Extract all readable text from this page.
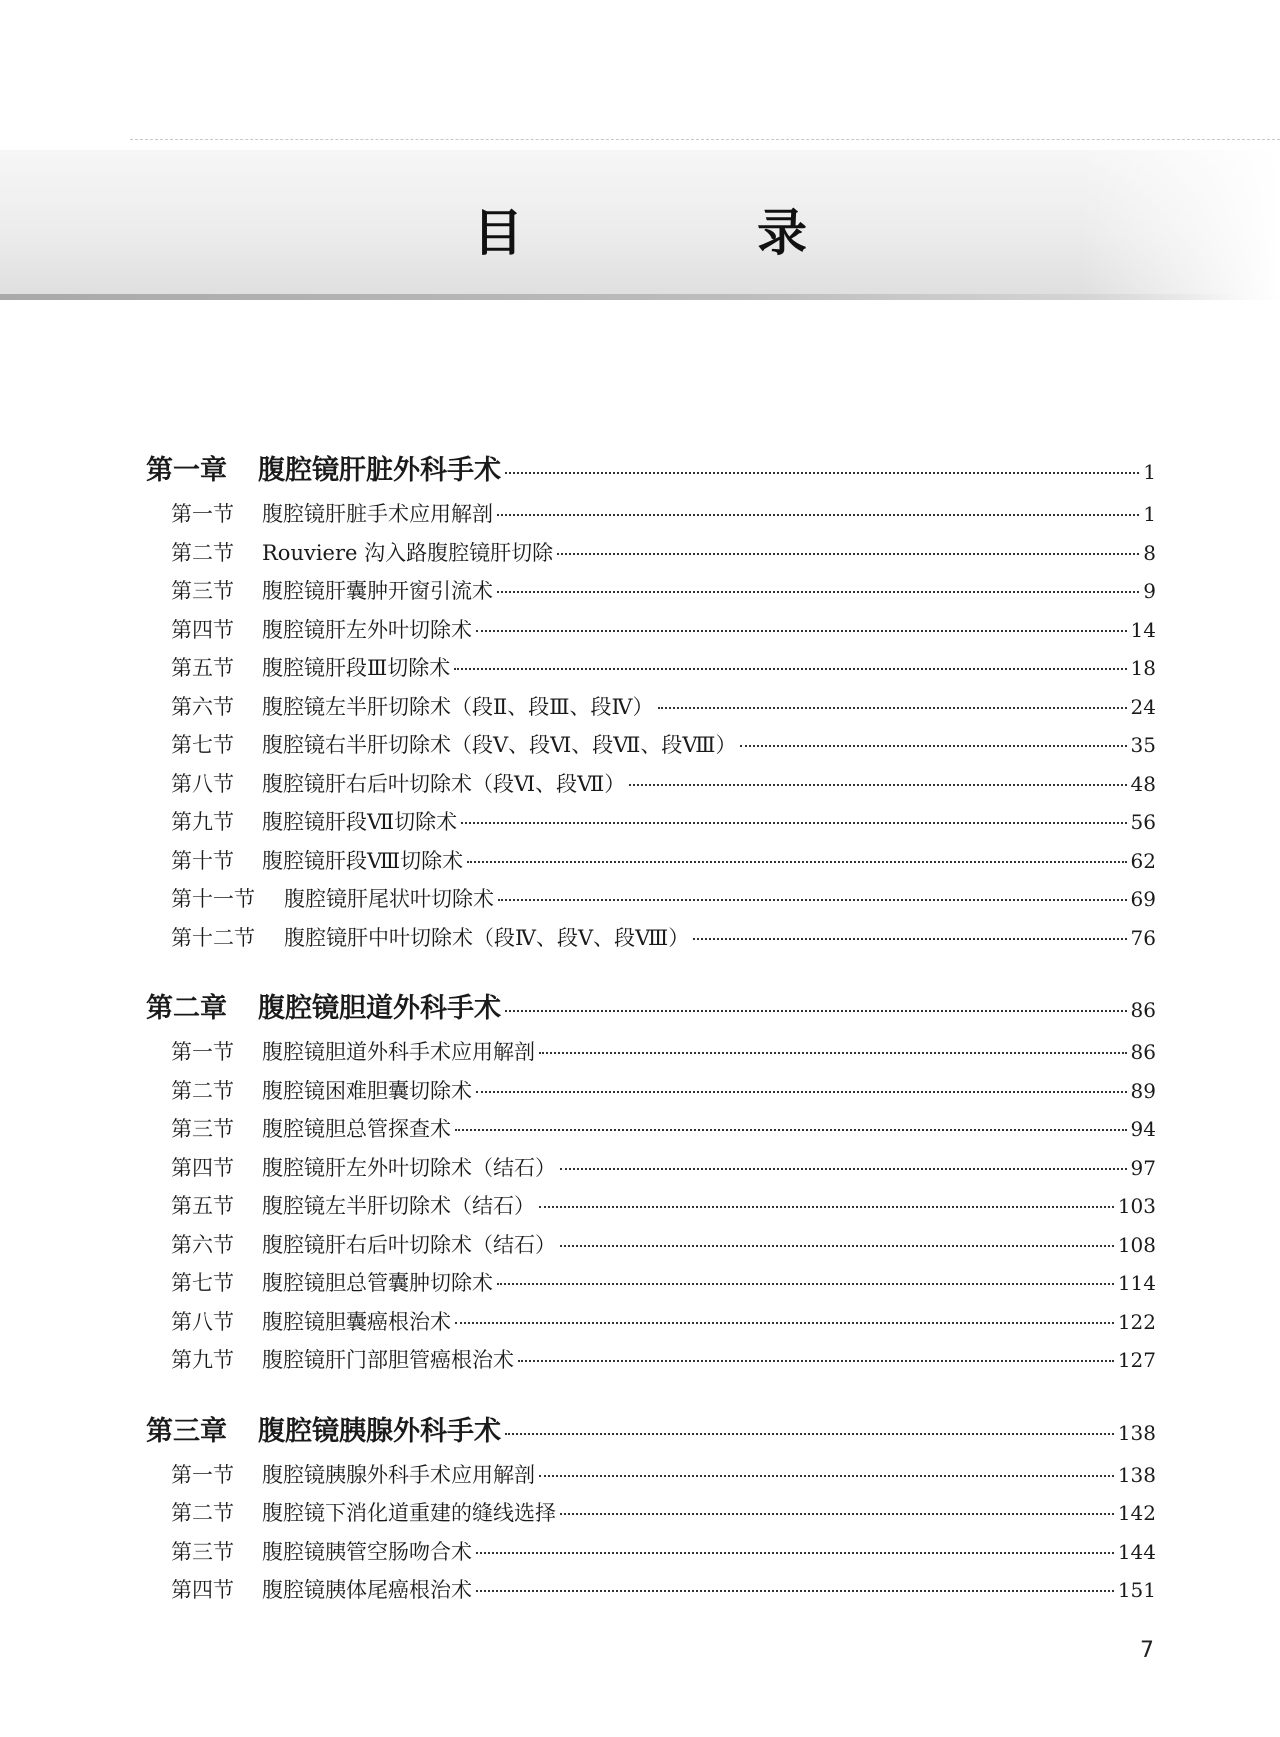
目　录
第一章	腹腔镜肝脏外科手术	1
第一节	腹腔镜肝脏手术应用解剖	1
第二节	Rouviere 沟入路腹腔镜肝切除	8
第三节	腹腔镜肝囊肿开窗引流术	9
第四节	腹腔镜肝左外叶切除术	14
第五节	腹腔镜肝段Ⅲ切除术	18
第六节	腹腔镜左半肝切除术（段Ⅱ、段Ⅲ、段Ⅳ）	24
第七节	腹腔镜右半肝切除术（段Ⅴ、段Ⅵ、段Ⅶ、段Ⅷ）	35
第八节	腹腔镜肝右后叶切除术（段Ⅵ、段Ⅶ）	48
第九节	腹腔镜肝段Ⅶ切除术	56
第十节	腹腔镜肝段Ⅷ切除术	62
第十一节	腹腔镜肝尾状叶切除术	69
第十二节	腹腔镜肝中叶切除术（段Ⅳ、段Ⅴ、段Ⅷ）	76
第二章	腹腔镜胆道外科手术	86
第一节	腹腔镜胆道外科手术应用解剖	86
第二节	腹腔镜困难胆囊切除术	89
第三节	腹腔镜胆总管探查术	94
第四节	腹腔镜肝左外叶切除术（结石）	97
第五节	腹腔镜左半肝切除术（结石）	103
第六节	腹腔镜肝右后叶切除术（结石）	108
第七节	腹腔镜胆总管囊肿切除术	114
第八节	腹腔镜胆囊癌根治术	122
第九节	腹腔镜肝门部胆管癌根治术	127
第三章	腹腔镜胰腺外科手术	138
第一节	腹腔镜胰腺外科手术应用解剖	138
第二节	腹腔镜下消化道重建的缝线选择	142
第三节	腹腔镜胰管空肠吻合术	144
第四节	腹腔镜胰体尾癌根治术	151
7
